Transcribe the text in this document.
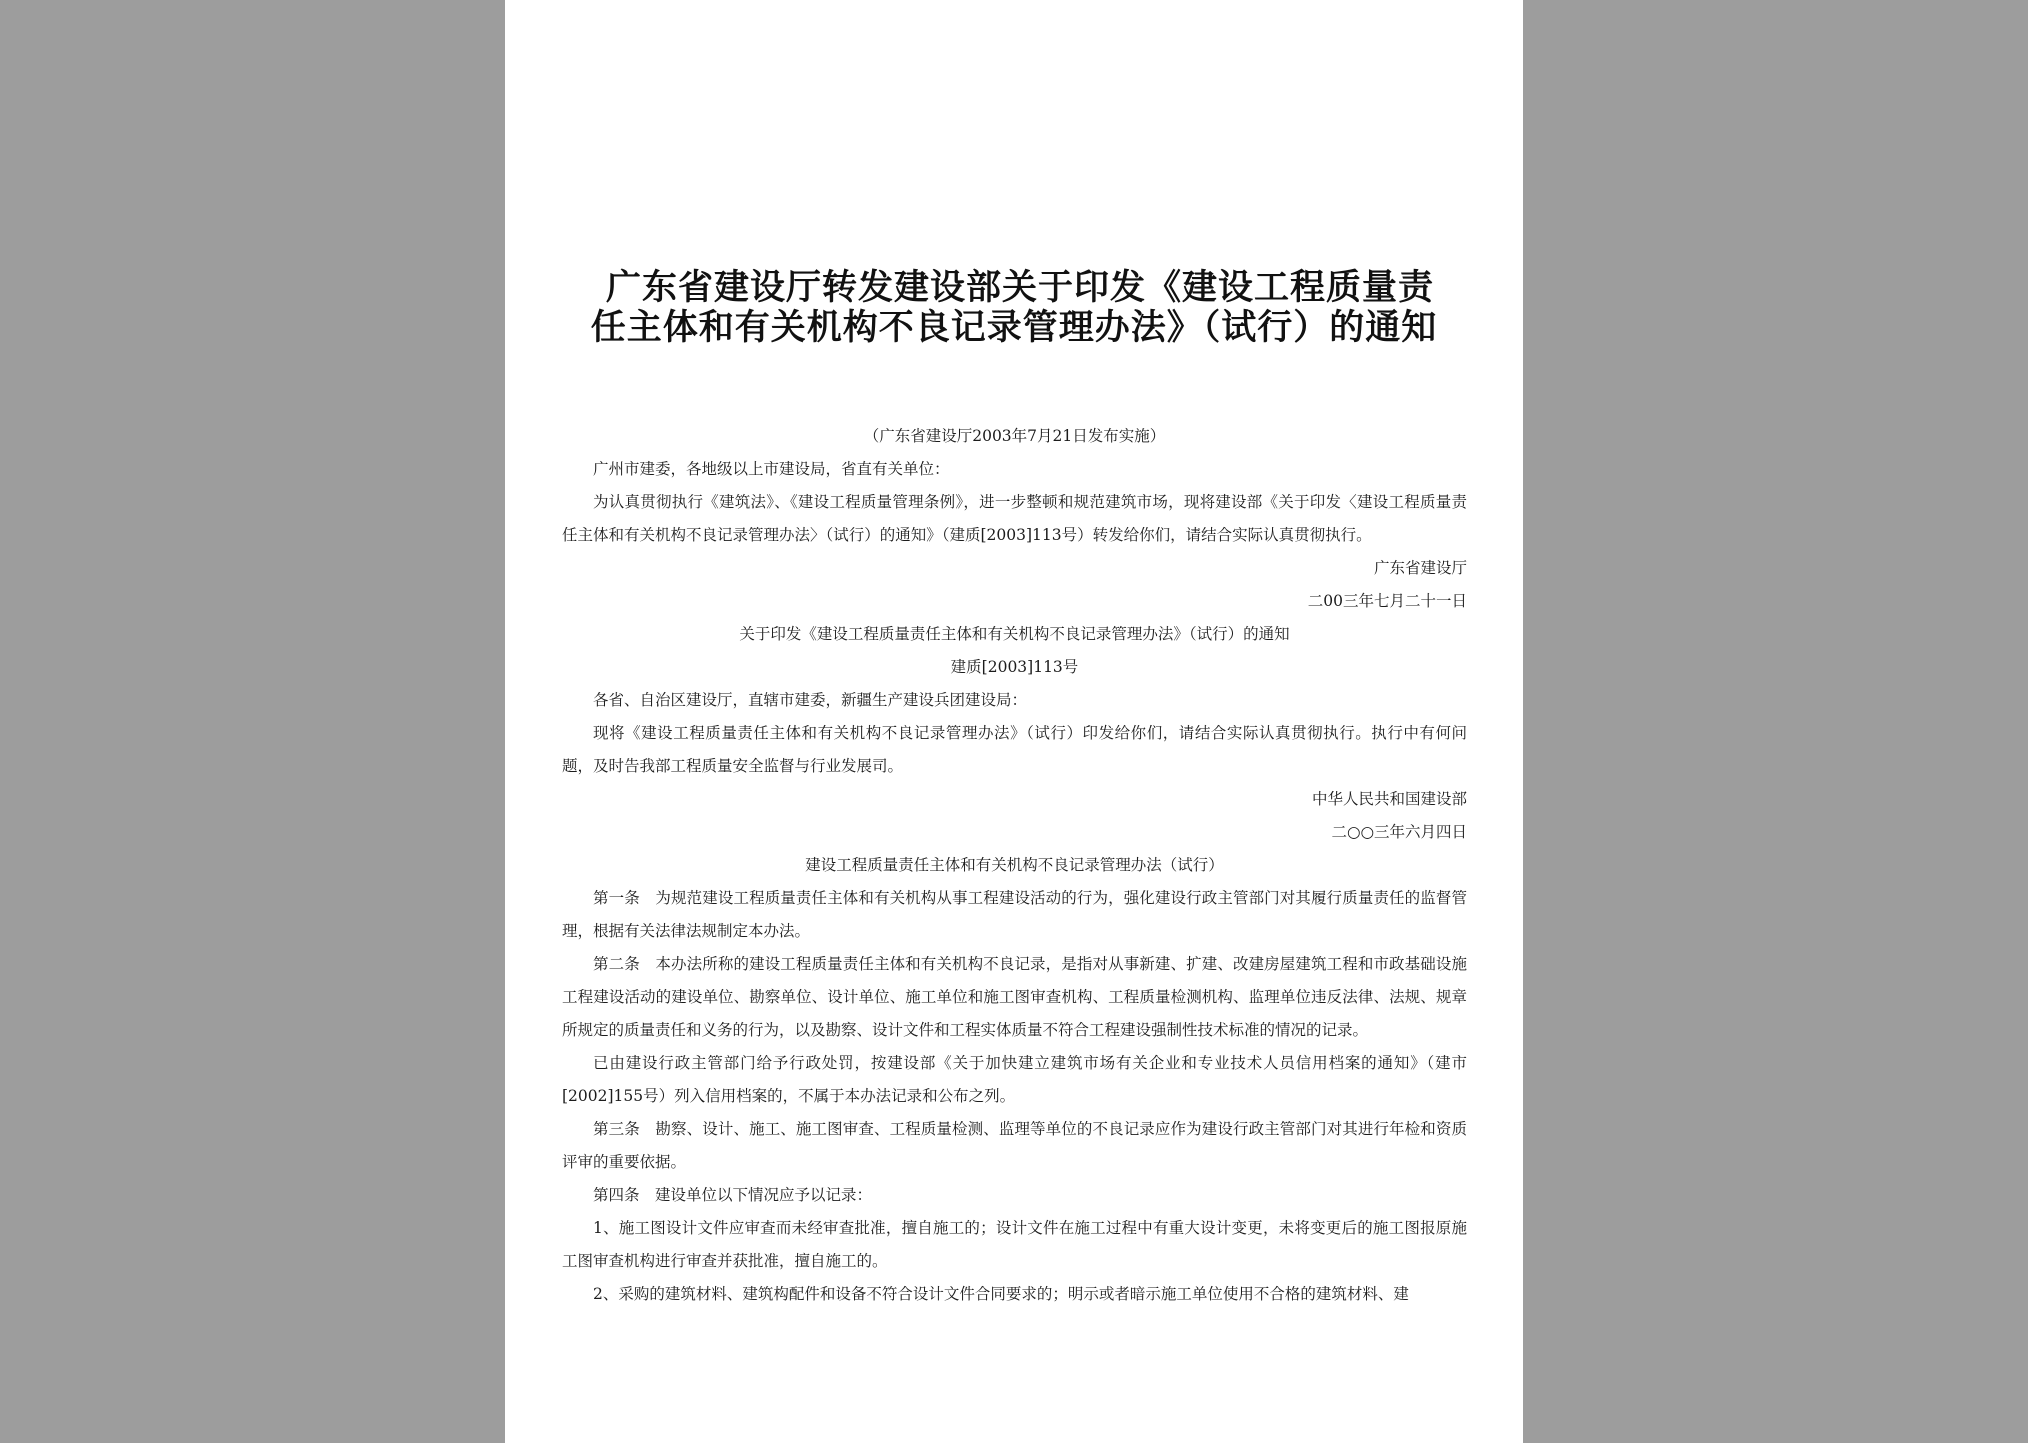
广东省建设厅转发建设部关于印发《建设工程质量责
任主体和有关机构不良记录管理办法》（试行）的通知

（广东省建设厅2003年7月21日发布实施）

广州市建委，各地级以上市建设局，省直有关单位：

为认真贯彻执行《建筑法》、《建设工程质量管理条例》，进一步整顿和规范建筑市场，现将建设部《关于印发〈建设工程质量责任主体和有关机构不良记录管理办法〉（试行）的通知》（建质[2003]113号）转发给你们，请结合实际认真贯彻执行。

广东省建设厅

二00三年七月二十一日

关于印发《建设工程质量责任主体和有关机构不良记录管理办法》（试行）的通知

建质[2003]113号

各省、自治区建设厅，直辖市建委，新疆生产建设兵团建设局：

现将《建设工程质量责任主体和有关机构不良记录管理办法》（试行）印发给你们，请结合实际认真贯彻执行。执行中有何问题，及时告我部工程质量安全监督与行业发展司。

中华人民共和国建设部

二○○三年六月四日

建设工程质量责任主体和有关机构不良记录管理办法（试行）

第一条　为规范建设工程质量责任主体和有关机构从事工程建设活动的行为，强化建设行政主管部门对其履行质量责任的监督管理，根据有关法律法规制定本办法。

第二条　本办法所称的建设工程质量责任主体和有关机构不良记录，是指对从事新建、扩建、改建房屋建筑工程和市政基础设施工程建设活动的建设单位、勘察单位、设计单位、施工单位和施工图审查机构、工程质量检测机构、监理单位违反法律、法规、规章所规定的质量责任和义务的行为，以及勘察、设计文件和工程实体质量不符合工程建设强制性技术标准的情况的记录。

已由建设行政主管部门给予行政处罚，按建设部《关于加快建立建筑市场有关企业和专业技术人员信用档案的通知》（建市[2002]155号）列入信用档案的，不属于本办法记录和公布之列。

第三条　勘察、设计、施工、施工图审查、工程质量检测、监理等单位的不良记录应作为建设行政主管部门对其进行年检和资质评审的重要依据。

第四条　建设单位以下情况应予以记录：

1、施工图设计文件应审查而未经审查批准，擅自施工的；设计文件在施工过程中有重大设计变更，未将变更后的施工图报原施工图审查机构进行审查并获批准，擅自施工的。

2、采购的建筑材料、建筑构配件和设备不符合设计文件合同要求的；明示或者暗示施工单位使用不合格的建筑材料、建
